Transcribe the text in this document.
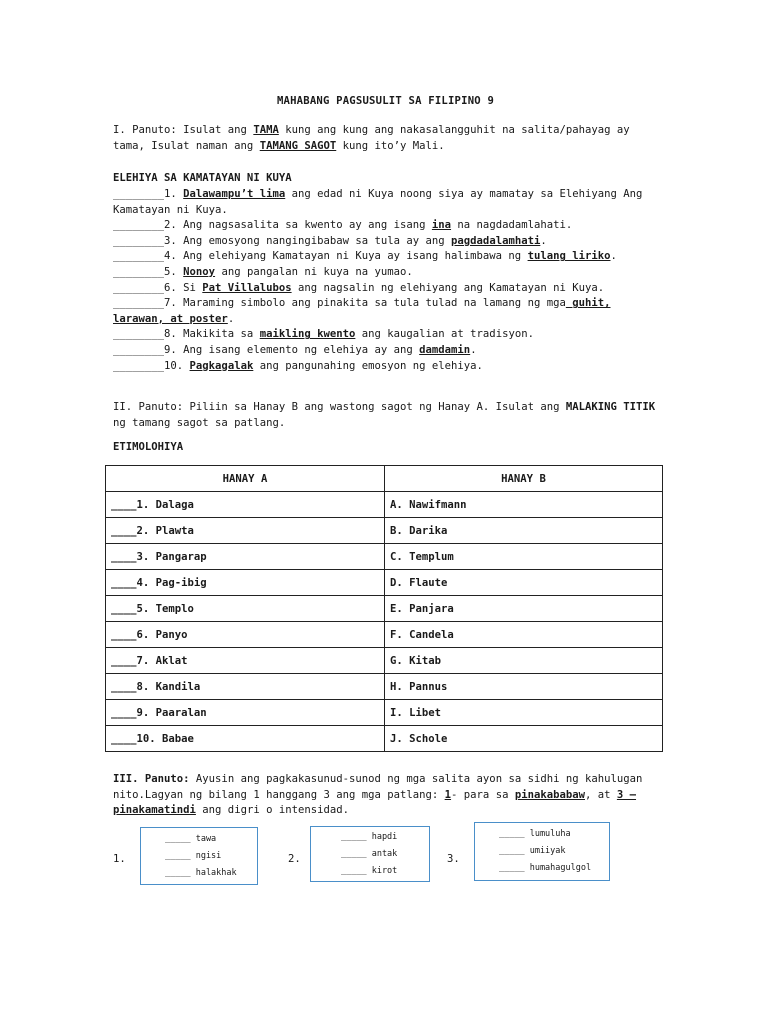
MAHABANG PAGSUSULIT SA FILIPINO 9
I. Panuto: Isulat ang TAMA kung ang kung ang nakasalangguhit na salita/pahayag ay tama, Isulat naman ang TAMANG SAGOT kung ito’y Mali.
ELEHIYA SA KAMATAYAN NI KUYA
________1. Dalawampu’t lima ang edad ni Kuya noong siya ay mamatay sa Elehiyang Ang Kamatayan ni Kuya.
________2. Ang nagsasalita sa kwento ay ang isang ina na nagdadamlahati.
________3. Ang emosyong nangingibabaw sa tula ay ang pagdadalamhati.
________4. Ang elehiyang Kamatayan ni Kuya ay isang halimbawa ng tulang liriko.
________5. Nonoy ang pangalan ni kuya na yumao.
________6. Si Pat Villalubos ang nagsalin ng elehiyang ang Kamatayan ni Kuya.
________7. Maraming simbolo ang pinakita sa tula tulad na lamang ng mga guhit, larawan, at poster.
________8. Makikita sa maikling kwento ang kaugalian at tradisyon.
________9. Ang isang elemento ng elehiya ay ang damdamin.
________10. Pagkagalak ang pangunahing emosyon ng elehiya.
II. Panuto: Piliin sa Hanay B ang wastong sagot ng Hanay A. Isulat ang MALAKING TITIK ng tamang sagot sa patlang.
ETIMOLOHIYA
HANAY A	HANAY B
____1. Dalaga	A. Nawifmann
____2. Plawta	B. Darika
____3. Pangarap	C. Templum
____4. Pag-ibig	D. Flaute
____5. Templo	E. Panjara
____6. Panyo	F. Candela
____7. Aklat	G. Kitab
____8. Kandila	H. Pannus
____9. Paaralan	I. Libet
____10. Babae	J. Schole
III. Panuto: Ayusin ang pagkakasunud-sunod ng mga salita ayon sa sidhi ng kahulugan nito.Lagyan ng bilang 1 hanggang 3 ang mga patlang: 1- para sa pinakababaw, at 3 –pinakamatindi ang digri o intensidad.
1.
_____ tawa
_____ ngisi
_____ halakhak
2.
_____ hapdi
_____ antak
_____ kirot
3.
_____ lumuluha
_____ umiiyak
_____ humahagulgol
